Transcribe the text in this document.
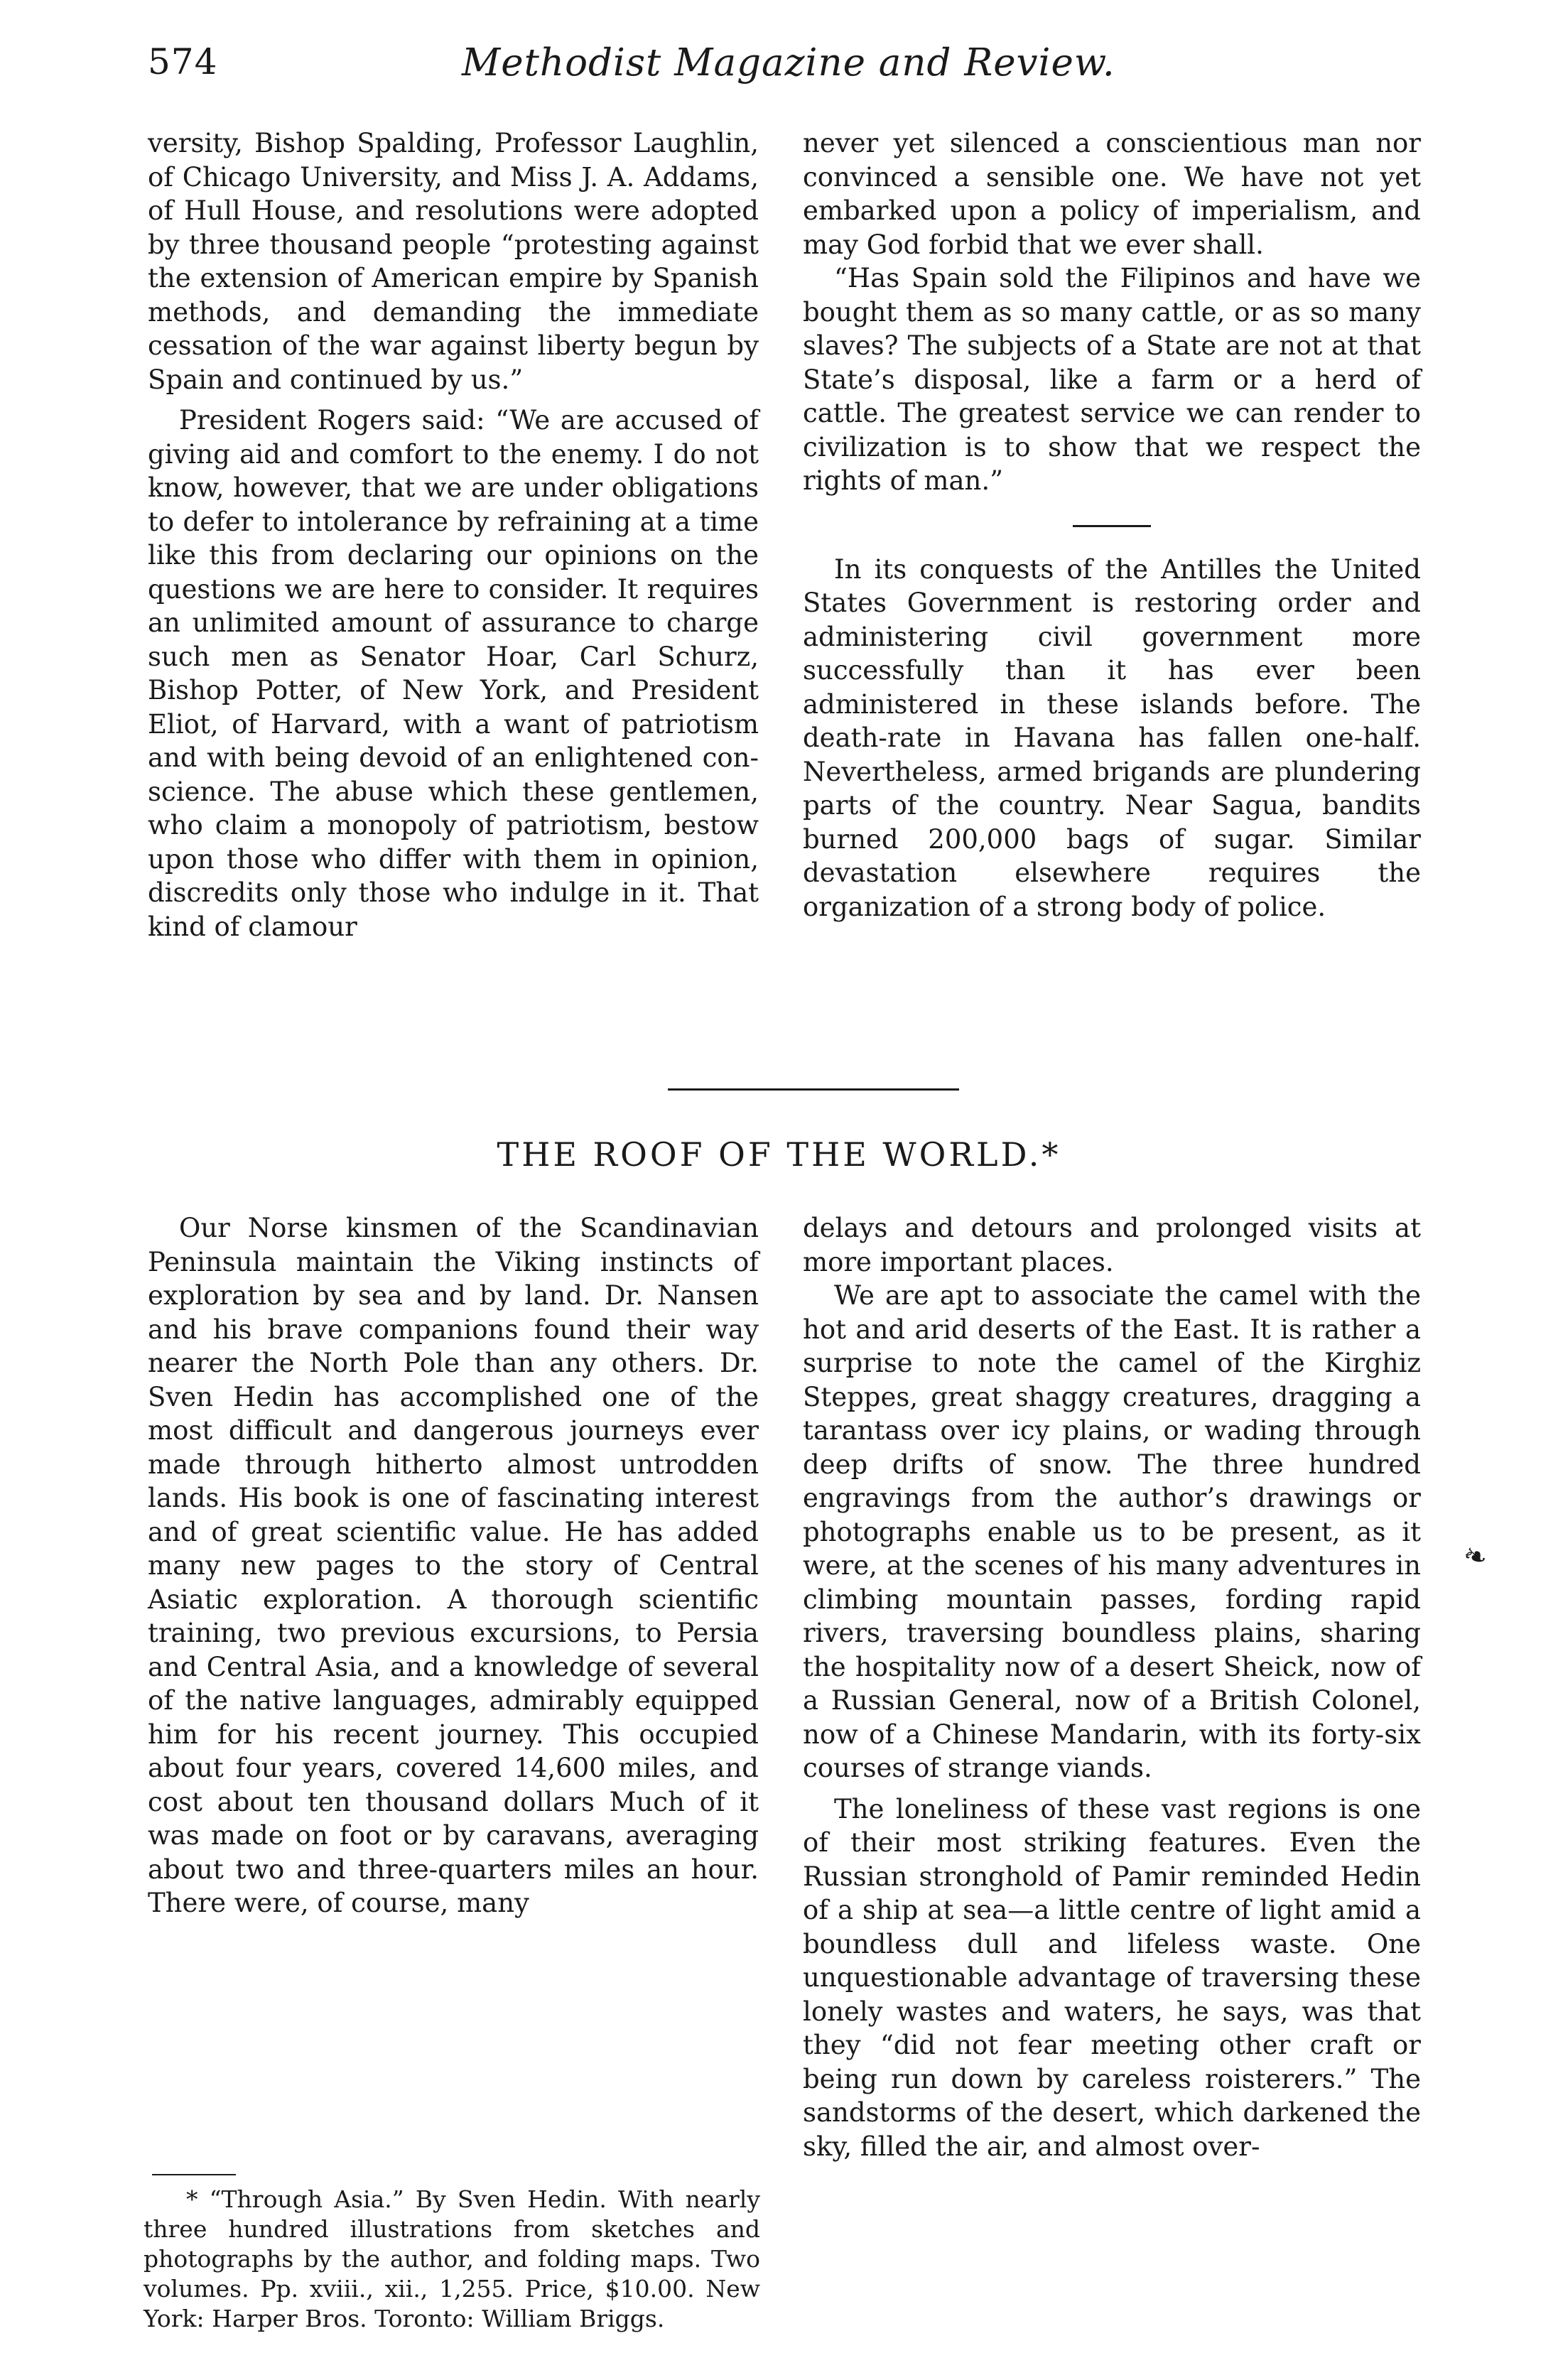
574	Methodist Magazine and Review.

versity, Bishop Spalding, Professor Laughlin, of Chicago University, and Miss J. A. Addams, of Hull House, and resolutions were adopted by three thousand people “protesting against the extension of American empire by Spanish methods, and demanding the immediate cessation of the war against liberty begun by Spain and continued by us.”

President Rogers said: “We are accused of giving aid and comfort to the enemy. I do not know, however, that we are under obligations to defer to intolerance by refraining at a time like this from declaring our opinions on the questions we are here to consider. It requires an unlimited amount of assurance to charge such men as Senator Hoar, Carl Schurz, Bishop Potter, of New York, and President Eliot, of Harvard, with a want of patriotism and with being devoid of an enlightened conscience. The abuse which these gentlemen, who claim a monopoly of patriotism, bestow upon those who differ with them in opinion, discredits only those who indulge in it. That kind of clamour

never yet silenced a conscientious man nor convinced a sensible one. We have not yet embarked upon a policy of imperialism, and may God forbid that we ever shall.

“Has Spain sold the Filipinos and have we bought them as so many cattle, or as so many slaves? The subjects of a State are not at that State’s disposal, like a farm or a herd of cattle. The greatest service we can render to civilization is to show that we respect the rights of man.”

In its conquests of the Antilles the United States Government is restoring order and administering civil government more successfully than it has ever been administered in these islands before. The death-rate in Havana has fallen one-half. Nevertheless, armed brigands are plundering parts of the country. Near Sagua, bandits burned 200,000 bags of sugar. Similar devastation elsewhere requires the organization of a strong body of police.

THE ROOF OF THE WORLD.*

Our Norse kinsmen of the Scandinavian Peninsula maintain the Viking instincts of exploration by sea and by land. Dr. Nansen and his brave companions found their way nearer the North Pole than any others. Dr. Sven Hedin has accomplished one of the most difficult and dangerous journeys ever made through hitherto almost untrodden lands. His book is one of fascinating interest and of great scientific value. He has added many new pages to the story of Central Asiatic exploration. A thorough scientific training, two previous excursions, to Persia and Central Asia, and a knowledge of several of the native languages, admirably equipped him for his recent journey. This occupied about four years, covered 14,600 miles, and cost about ten thousand dollars Much of it was made on foot or by caravans, averaging about two and three-quarters miles an hour. There were, of course, many

delays and detours and prolonged visits at more important places.

We are apt to associate the camel with the hot and arid deserts of the East. It is rather a surprise to note the camel of the Kirghiz Steppes, great shaggy creatures, dragging a tarantass over icy plains, or wading through deep drifts of snow. The three hundred engravings from the author’s drawings or photographs enable us to be present, as it were, at the scenes of his many adventures in climbing mountain passes, fording rapid rivers, traversing boundless plains, sharing the hospitality now of a desert Sheick, now of a Russian General, now of a British Colonel, now of a Chinese Mandarin, with its forty-six courses of strange viands.

The loneliness of these vast regions is one of their most striking features. Even the Russian stronghold of Pamir reminded Hedin of a ship at sea—a little centre of light amid a boundless dull and lifeless waste. One unquestionable advantage of traversing these lonely wastes and waters, he says, was that they “did not fear meeting other craft or being run down by careless roisterers.” The sandstorms of the desert, which darkened the sky, filled the air, and almost over-

* “Through Asia.” By Sven Hedin. With nearly three hundred illustrations from sketches and photographs by the author, and folding maps. Two volumes. Pp. xviii., xii., 1,255. Price, $10.00. New York: Harper Bros. Toronto: William Briggs.

❧
